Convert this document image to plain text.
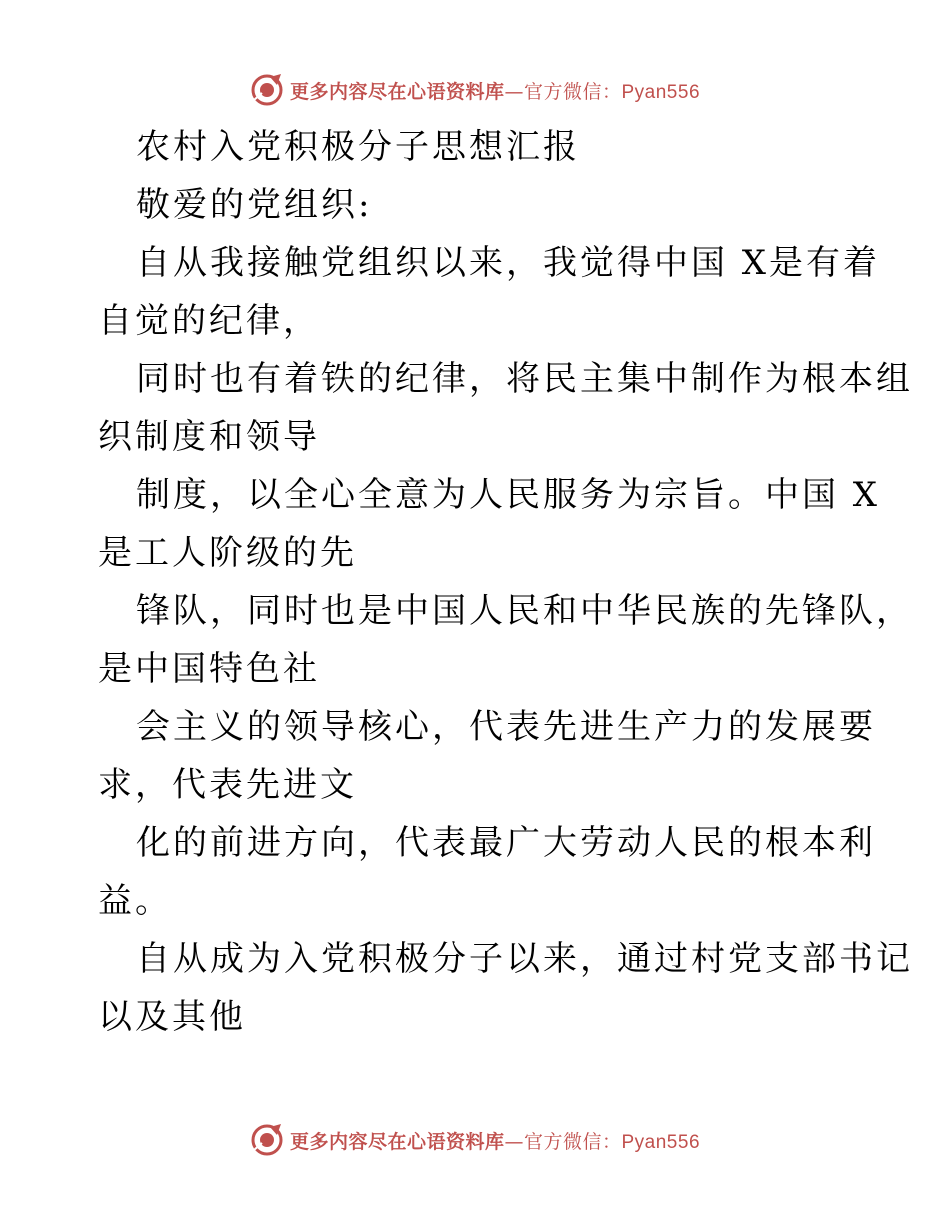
更多内容尽在心语资料库—官方微信：Pyan556
农村入党积极分子思想汇报
敬爱的党组织:
自从我接触党组织以来，我觉得中国 X是有着
自觉的纪律，
同时也有着铁的纪律，将民主集中制作为根本组
织制度和领导
制度，以全心全意为人民服务为宗旨。中国 X
是工人阶级的先
锋队，同时也是中国人民和中华民族的先锋队，
是中国特色社
会主义的领导核心，代表先进生产力的发展要
求，代表先进文
化的前进方向，代表最广大劳动人民的根本利
益。
自从成为入党积极分子以来，通过村党支部书记
以及其他
更多内容尽在心语资料库—官方微信：Pyan556
